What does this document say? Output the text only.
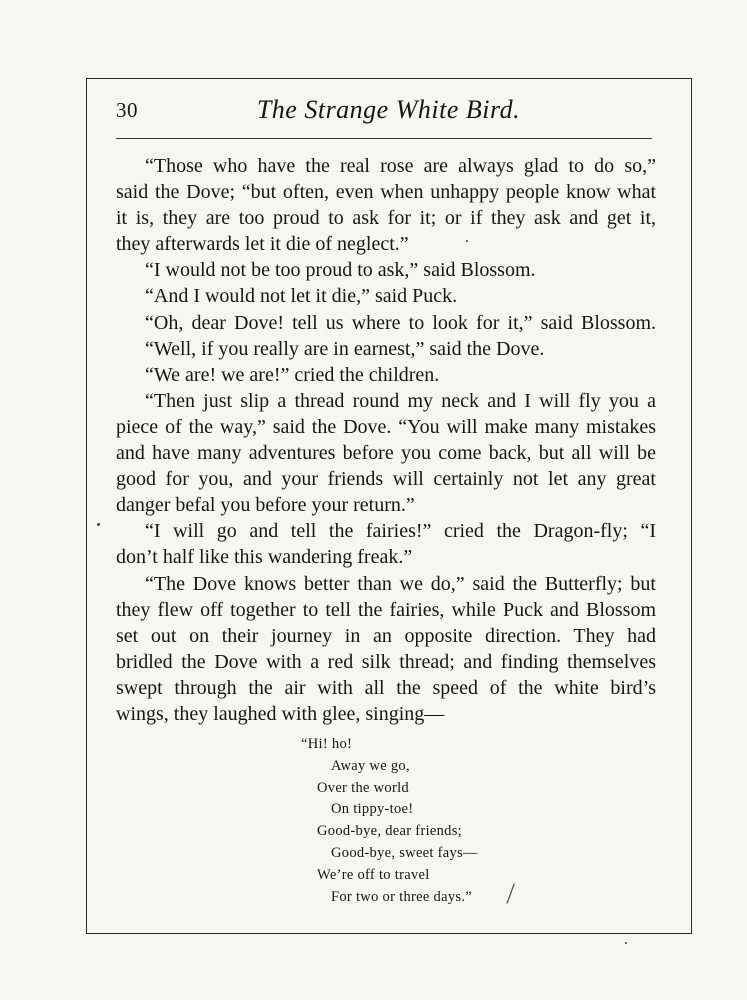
30	The Strange White Bird.
“Those who have the real rose are always glad to do so,”
said the Dove; “but often, even when unhappy people know what
it is, they are too proud to ask for it; or if they ask and get it,
they afterwards let it die of neglect.”
“I would not be too proud to ask,” said Blossom.
“And I would not let it die,” said Puck.
“Oh, dear Dove! tell us where to look for it,” said Blossom.
“Well, if you really are in earnest,” said the Dove.
“We are! we are!” cried the children.
“Then just slip a thread round my neck and I will fly you a
piece of the way,” said the Dove. “You will make many mistakes
and have many adventures before you come back, but all will be
good for you, and your friends will certainly not let any great
danger befal you before your return.”
“I will go and tell the fairies!” cried the Dragon-fly; “I
don’t half like this wandering freak.”
“The Dove knows better than we do,” said the Butterfly; but
they flew off together to tell the fairies, while Puck and Blossom
set out on their journey in an opposite direction. They had
bridled the Dove with a red silk thread; and finding themselves
swept through the air with all the speed of the white bird’s
wings, they laughed with glee, singing—
“Hi! ho!
Away we go,
Over the world
On tippy-toe!
Good-bye, dear friends;
Good-bye, sweet fays—
We’re off to travel
For two or three days.”
